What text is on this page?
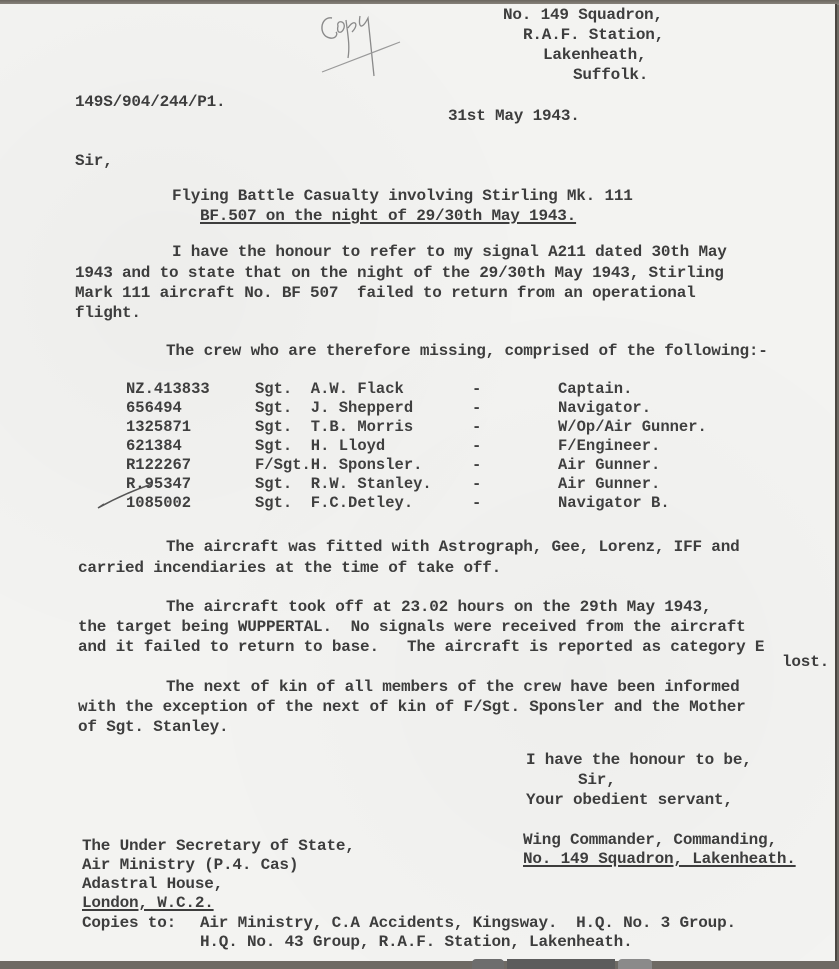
No. 149 Squadron,
R.A.F. Station,
Lakenheath,
Suffolk.
149S/904/244/P1.
31st May 1943.
Sir,
Flying Battle Casualty involving Stirling Mk. 111
BF.507 on the night of 29/30th May 1943.
I have the honour to refer to my signal A211 dated 30th May
1943 and to state that on the night of the 29/30th May 1943, Stirling
Mark 111 aircraft No. BF 507  failed to return from an operational
flight.
The crew who are therefore missing, comprised of the following:-
NZ.413833	Sgt.  A.W. Flack	-	Captain.
656494	Sgt.  J. Shepperd	-	Navigator.
1325871	Sgt.  T.B. Morris	-	W/Op/Air Gunner.
621384	Sgt.  H. Lloyd	-	F/Engineer.
R122267	F/Sgt.H. Sponsler.	-	Air Gunner.
R.95347	Sgt.  R.W. Stanley.	-	Air Gunner.
1085002	Sgt.  F.C.Detley.	-	Navigator B.
The aircraft was fitted with Astrograph, Gee, Lorenz, IFF and
carried incendiaries at the time of take off.
The aircraft took off at 23.02 hours on the 29th May 1943,
the target being WUPPERTAL.  No signals were received from the aircraft
and it failed to return to base.   The aircraft is reported as category E
lost.
The next of kin of all members of the crew have been informed
with the exception of the next of kin of F/Sgt. Sponsler and the Mother
of Sgt. Stanley.
I have the honour to be,
Sir,
Your obedient servant,
Wing Commander, Commanding,
No. 149 Squadron, Lakenheath.
The Under Secretary of State,
Air Ministry (P.4. Cas)
Adastral House,
London, W.C.2.
Copies to: Air Ministry, C.A Accidents, Kingsway.  H.Q. No. 3 Group.
H.Q. No. 43 Group, R.A.F. Station, Lakenheath.
